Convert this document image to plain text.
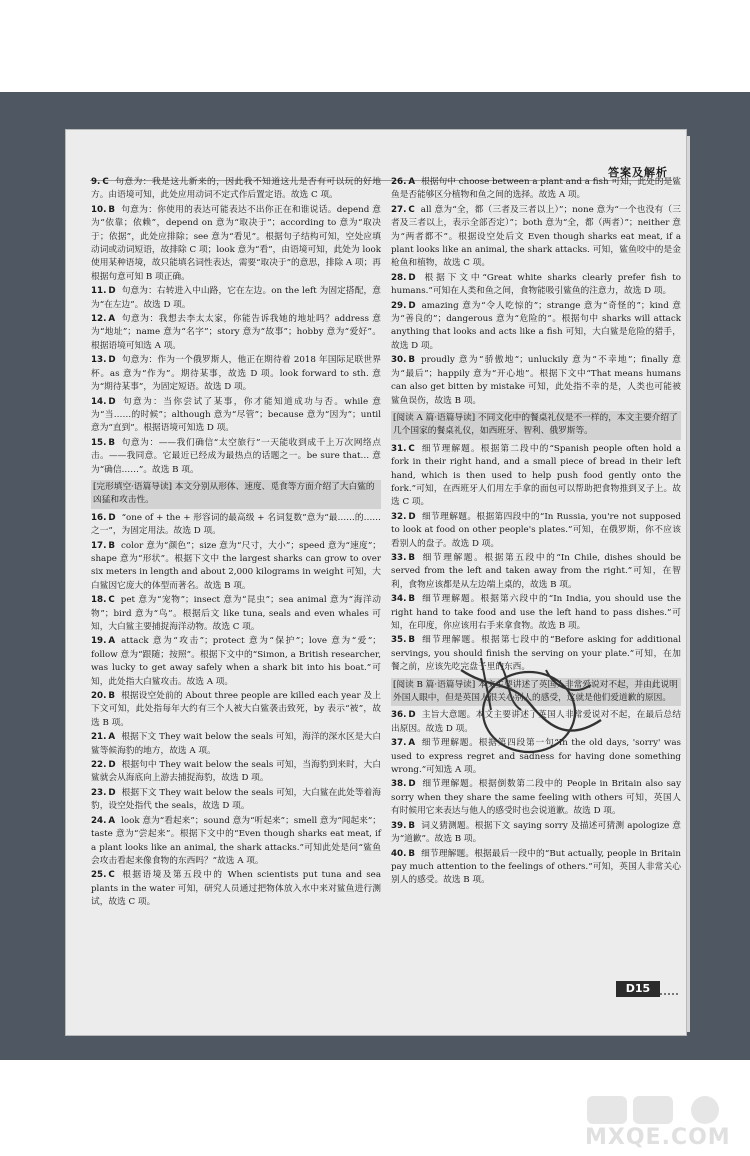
答案及解析
9. C 句意为：我是这儿新来的，因此我不知道这儿是否有可以玩的好地方。由语境可知，此处应用动词不定式作后置定语。故选 C 项。
10. B 句意为：你使用的表达可能表达不出你正在和谁说话。depend 意为“依靠；依赖”，depend on 意为“取决于”；according to 意为“取决于；依据”，此处应排除；see 意为“看见”。根据句子结构可知，空处应填动词或动词短语，故排除 C 项；look 意为“看”，由语境可知，此处为 look 使用某种语境，故只能填名词性表达，需要“取决于”的意思，排除 A 项；再根据句意可知 B 项正确。
11. D 句意为：右转进入中山路，它在左边。on the left 为固定搭配，意为“在左边”。故选 D 项。
12. A 句意为：我想去李太太家，你能告诉我她的地址吗？address 意为“地址”；name 意为“名字”；story 意为“故事”；hobby 意为“爱好”。根据语境可知选 A 项。
13. D 句意为：作为一个俄罗斯人，他正在期待着 2018 年国际足联世界杯。as 意为“作为”。期待某事，故选 D 项。look forward to sth. 意为“期待某事”，为固定短语。故选 D 项。
14. D 句意为：当你尝试了某事，你才能知道成功与否。while 意为“当……的时候”；although 意为“尽管”；because 意为“因为”；until 意为“直到”。根据语境可知选 D 项。
15. B 句意为：——我们确信“太空旅行”一天能收到成千上万次网络点击。——我同意。它最近已经成为最热点的话题之一。be sure that… 意为“确信……”。故选 B 项。
[完形填空·语篇导读] 本文分别从形体、速度、觅食等方面介绍了大白鲨的凶猛和攻击性。
16. D “one of + the + 形容词的最高级 + 名词复数”意为“最……的……之一”，为固定用法。故选 D 项。
17. B color 意为“颜色”；size 意为“尺寸，大小”；speed 意为“速度”；shape 意为“形状”。根据下文中 the largest sharks can grow to over six meters in length and about 2,000 kilograms in weight 可知，大白鲨因它庞大的体型而著名。故选 B 项。
18. C pet 意为“宠物”；insect 意为“昆虫”；sea animal 意为“海洋动物”；bird 意为“鸟”。根据后文 like tuna, seals and even whales 可知，大白鲨主要捕捉海洋动物。故选 C 项。
19. A attack 意为“攻击”；protect 意为“保护”；love 意为“爱”；follow 意为“跟随；按照”。根据下文中的“Simon, a British researcher, was lucky to get away safely when a shark bit into his boat.”可知，此处指大白鲨攻击。故选 A 项。
20. B 根据设空处前的 About three people are killed each year 及上下文可知，此处指每年大约有三个人被大白鲨袭击致死，by 表示“被”，故选 B 项。
21. A 根据下文 They wait below the seals 可知，海洋的深水区是大白鲨等候海豹的地方，故选 A 项。
22. D 根据句中 They wait below the seals 可知，当海豹到来时，大白鲨就会从海底向上游去捕捉海豹，故选 D 项。
23. D 根据下文 They wait below the seals 可知，大白鲨在此处等着海豹，设空处指代 the seals，故选 D 项。
24. A look 意为“看起来”；sound 意为“听起来”；smell 意为“闻起来”；taste 意为“尝起来”。根据下文中的“Even though sharks eat meat, if a plant looks like an animal, the shark attacks.”可知此处是问“鲨鱼会攻击看起来像食物的东西吗？”故选 A 项。
25. C 根据语境及第五段中的 When scientists put tuna and sea plants in the water 可知，研究人员通过把物体放入水中来对鲨鱼进行测试，故选 C 项。
26. A 根据句中 choose between a plant and a fish 可知，此处的是鲨鱼是否能够区分植物和鱼之间的选择。故选 A 项。
27. C all 意为“全，都（三者及三者以上）”；none 意为“一个也没有（三者及三者以上，表示全部否定）”；both 意为“全，都（两者）”；neither 意为“两者都不”。根据设空处后文 Even though sharks eat meat, if a plant looks like an animal, the shark attacks. 可知，鲨鱼咬中的是金枪鱼和植物，故选 C 项。
28. D 根据下文中“Great white sharks clearly prefer fish to humans.”可知在人类和鱼之间，食物能吸引鲨鱼的注意力，故选 D 项。
29. D amazing 意为“令人吃惊的”；strange 意为“奇怪的”；kind 意为“善良的”；dangerous 意为“危险的”。根据句中 sharks will attack anything that looks and acts like a fish 可知，大白鲨是危险的猎手，故选 D 项。
30. B proudly 意为“骄傲地”；unluckily 意为“不幸地”；finally 意为“最后”；happily 意为“开心地”。根据下文中“That means humans can also get bitten by mistake 可知，此处指不幸的是，人类也可能被鲨鱼误伤，故选 B 项。
[阅读 A 篇·语篇导读] 不同文化中的餐桌礼仪是不一样的，本文主要介绍了几个国家的餐桌礼仪，如西班牙、智利、俄罗斯等。
31. C 细节理解题。根据第二段中的“Spanish people often hold a fork in their right hand, and a small piece of bread in their left hand, which is then used to help push food gently onto the fork.”可知，在西班牙人们用左手拿的面包可以帮助把食物推到叉子上。故选 C 项。
32. D 细节理解题。根据第四段中的“In Russia, you're not supposed to look at food on other people's plates.”可知，在俄罗斯，你不应该看别人的盘子。故选 D 项。
33. B 细节理解题。根据第五段中的“In Chile, dishes should be served from the left and taken away from the right.”可知，在智利，食物应该都是从左边端上桌的，故选 B 项。
34. B 细节理解题。根据第六段中的“In India, you should use the right hand to take food and use the left hand to pass dishes.”可知，在印度，你应该用右手来拿食物。故选 B 项。
35. B 细节理解题。根据第七段中的“Before asking for additional servings, you should finish the serving on your plate.”可知，在加餐之前，应该先吃完盘子里的东西。
[阅读 B 篇·语篇导读] 本文主要讲述了英国人非常爱说对不起，并由此说明外国人眼中，但是英国人很关心别人的感受，这就是他们爱道歉的原因。
36. D 主旨大意题。本文主要讲述了英国人非常爱说对不起，在最后总结出原因。故选 D 项。
37. A 细节理解题。根据第四段第一句“In the old days, 'sorry' was used to express regret and sadness for having done something wrong.”可知选 A 项。
38. D 细节理解题。根据倒数第二段中的 People in Britain also say sorry when they share the same feeling with others 可知，英国人有时候用它来表达与他人的感受时也会说道歉。故选 D 项。
39. B 词义猜测题。根据下文 saying sorry 及描述可猜测 apologize 意为“道歉”。故选 B 项。
40. B 细节理解题。根据最后一段中的“But actually, people in Britain pay much attention to the feelings of others.”可知，英国人非常关心别人的感受。故选 B 项。
D15
MXQE.COM
